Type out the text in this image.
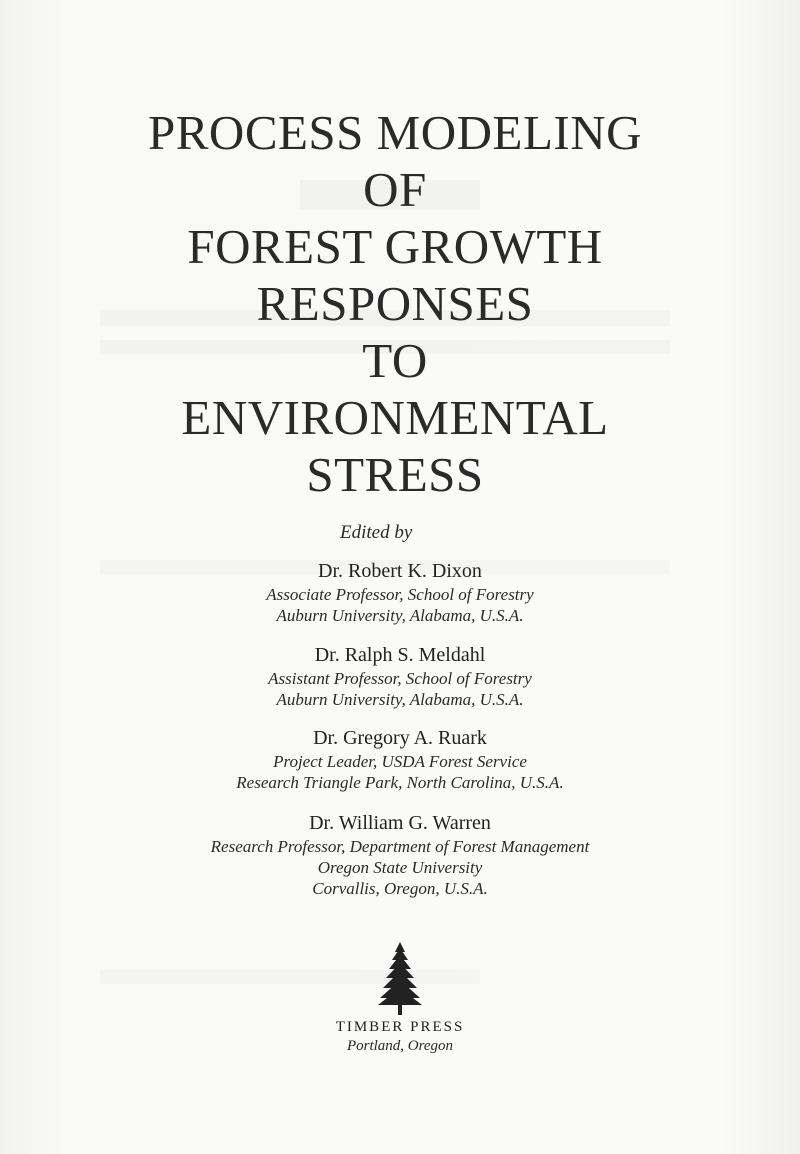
PROCESS MODELING
OF
FOREST GROWTH
RESPONSES
TO
ENVIRONMENTAL
STRESS
Edited by
Dr. Robert K. Dixon
Associate Professor, School of Forestry
Auburn University, Alabama, U.S.A.
Dr. Ralph S. Meldahl
Assistant Professor, School of Forestry
Auburn University, Alabama, U.S.A.
Dr. Gregory A. Ruark
Project Leader, USDA Forest Service
Research Triangle Park, North Carolina, U.S.A.
Dr. William G. Warren
Research Professor, Department of Forest Management
Oregon State University
Corvallis, Oregon, U.S.A.
TIMBER PRESS
Portland, Oregon
